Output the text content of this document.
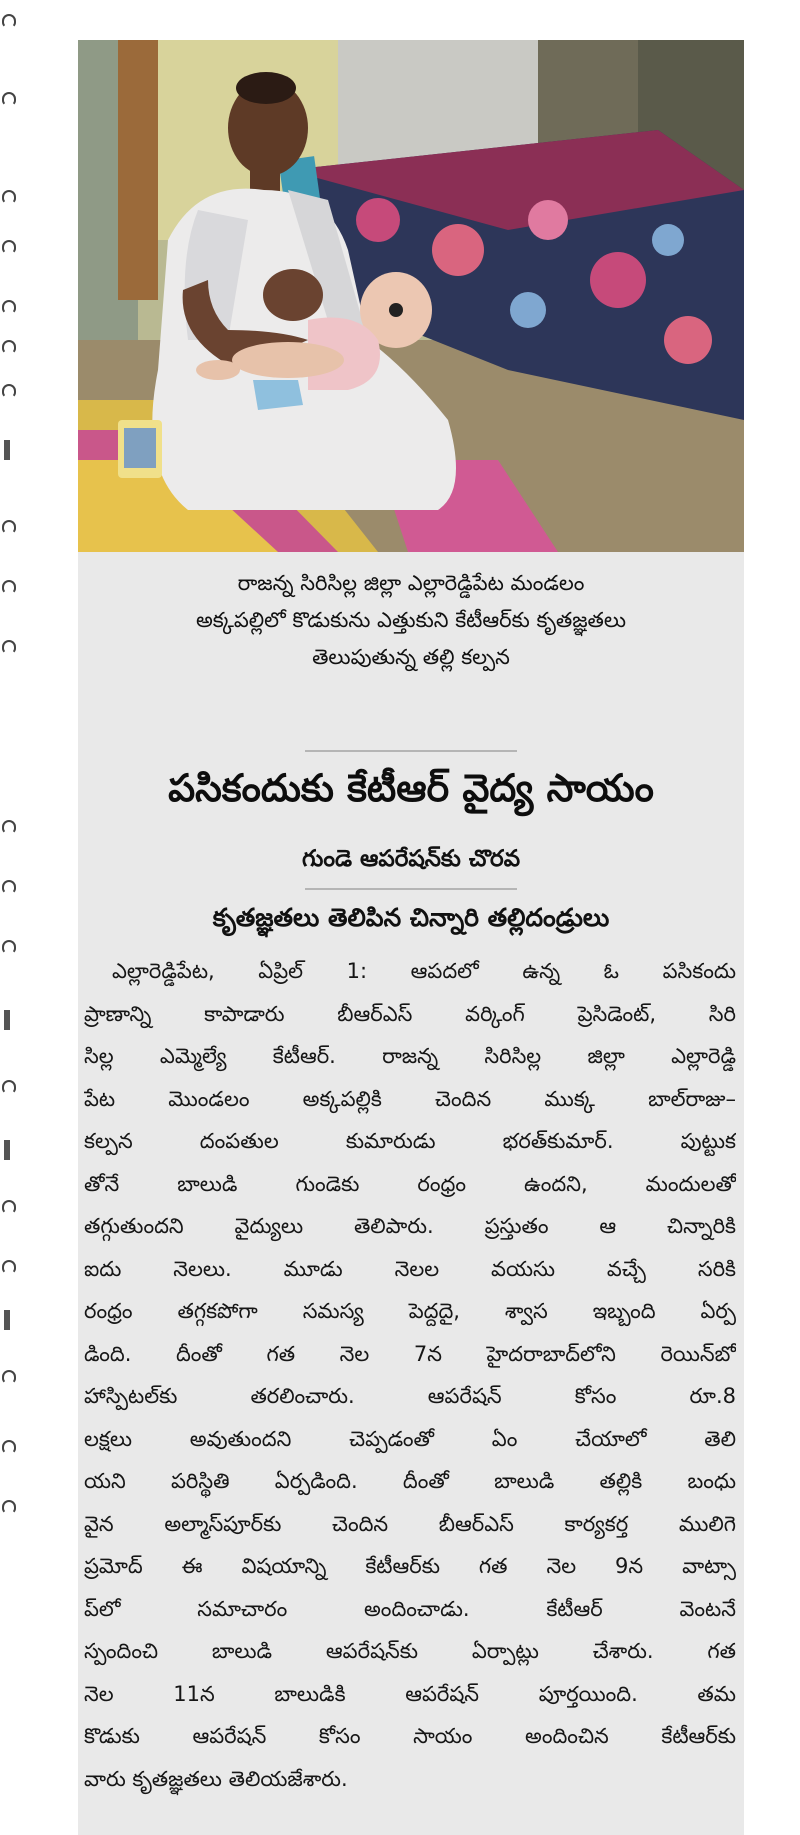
రాజన్న సిరిసిల్ల జిల్లా ఎల్లారెడ్డిపేట మండలం
అక్కపల్లిలో కొడుకును ఎత్తుకుని కేటీఆర్‌కు కృతజ్ఞతలు
తెలుపుతున్న తల్లి కల్పన
పసికందుకు కేటీఆర్ వైద్య సాయం
గుండె ఆపరేషన్‌కు చొరవ
కృతజ్ఞతలు తెలిపిన చిన్నారి తల్లిదండ్రులు
ఎల్లారెడ్డిపేట, ఏప్రిల్ 1: ఆపదలో ఉన్న ఓ పసికందు
ప్రాణాన్ని కాపాడారు బీఆర్‌ఎస్ వర్కింగ్ ప్రెసిడెంట్, సిరి
సిల్ల ఎమ్మెల్యే కేటీఆర్. రాజన్న సిరిసిల్ల జిల్లా ఎల్లారెడ్డి
పేట మొండలం అక్కపల్లికి చెందిన ముక్క బాల్‌రాజు–
కల్పన దంపతుల కుమారుడు భరత్‌కుమార్. పుట్టుక
తోనే బాలుడి గుండెకు రంధ్రం ఉందని, మందులతో
తగ్గుతుందని వైద్యులు తెలిపారు. ప్రస్తుతం ఆ చిన్నారికి
ఐదు నెలలు. మూడు నెలల వయసు వచ్చే సరికి
రంధ్రం తగ్గకపోగా సమస్య పెద్దదై, శ్వాస ఇబ్బంది ఏర్ప
డింది. దీంతో గత నెల 7న హైదరాబాద్‌లోని రెయిన్‌బో
హాస్పిటల్‌కు తరలించారు. ఆపరేషన్ కోసం రూ.8
లక్షలు అవుతుందని చెప్పడంతో ఏం చేయాలో తెలి
యని పరిస్థితి ఏర్పడింది. దీంతో బాలుడి తల్లికి బంధు
వైన అల్మాస్‌పూర్‌కు చెందిన బీఆర్‌ఎస్ కార్యకర్త ములిగె
ప్రమోద్ ఈ విషయాన్ని కేటీఆర్‌కు గత నెల 9న వాట్సా
ప్‌లో సమాచారం అందించాడు. కేటీఆర్ వెంటనే
స్పందించి బాలుడి ఆపరేషన్‌కు ఏర్పాట్లు చేశారు. గత
నెల 11న బాలుడికి ఆపరేషన్ పూర్తయింది. తమ
కొడుకు ఆపరేషన్ కోసం సాయం అందించిన కేటీఆర్‌కు
వారు కృతజ్ఞతలు తెలియజేశారు.
